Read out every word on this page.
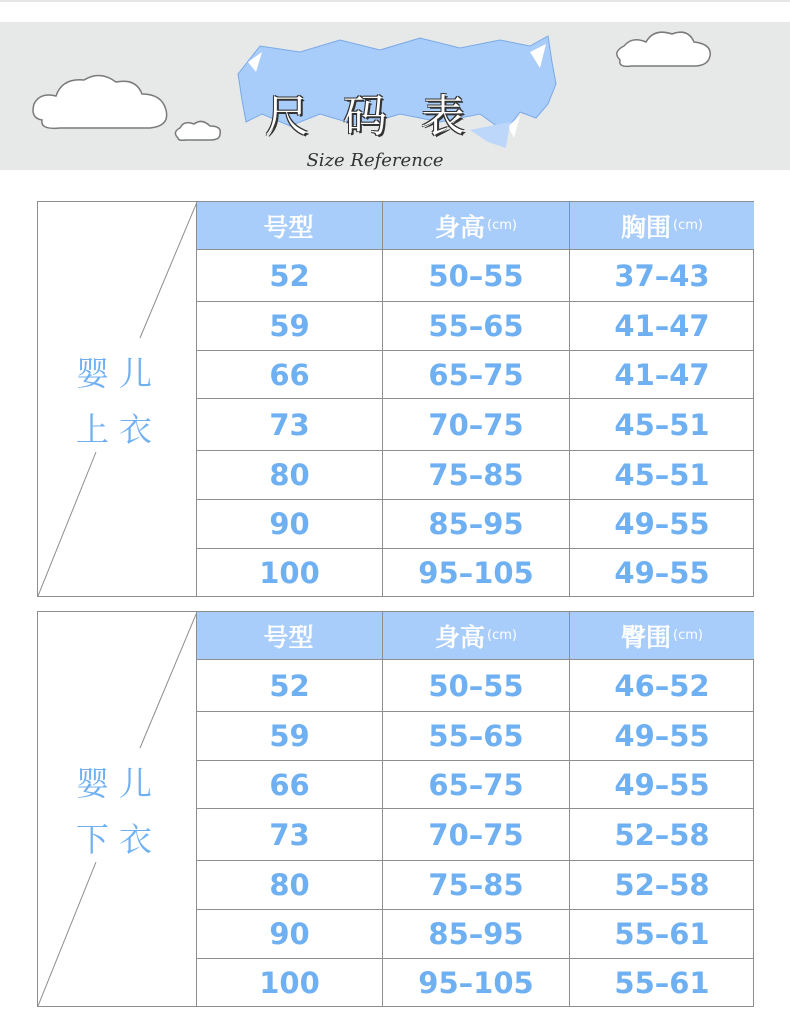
尺码表
Size Reference
婴儿
上衣
号型	身高 (cm)	胸围 (cm)
52	50–55	37–43
59	55–65	41–47
66	65–75	41–47
73	70–75	45–51
80	75–85	45–51
90	85–95	49–55
100	95–105	49–55
婴儿
下衣
号型	身高 (cm)	臀围 (cm)
52	50–55	46–52
59	55–65	49–55
66	65–75	49–55
73	70–75	52–58
80	75–85	52–58
90	85–95	55–61
100	95–105	55–61
